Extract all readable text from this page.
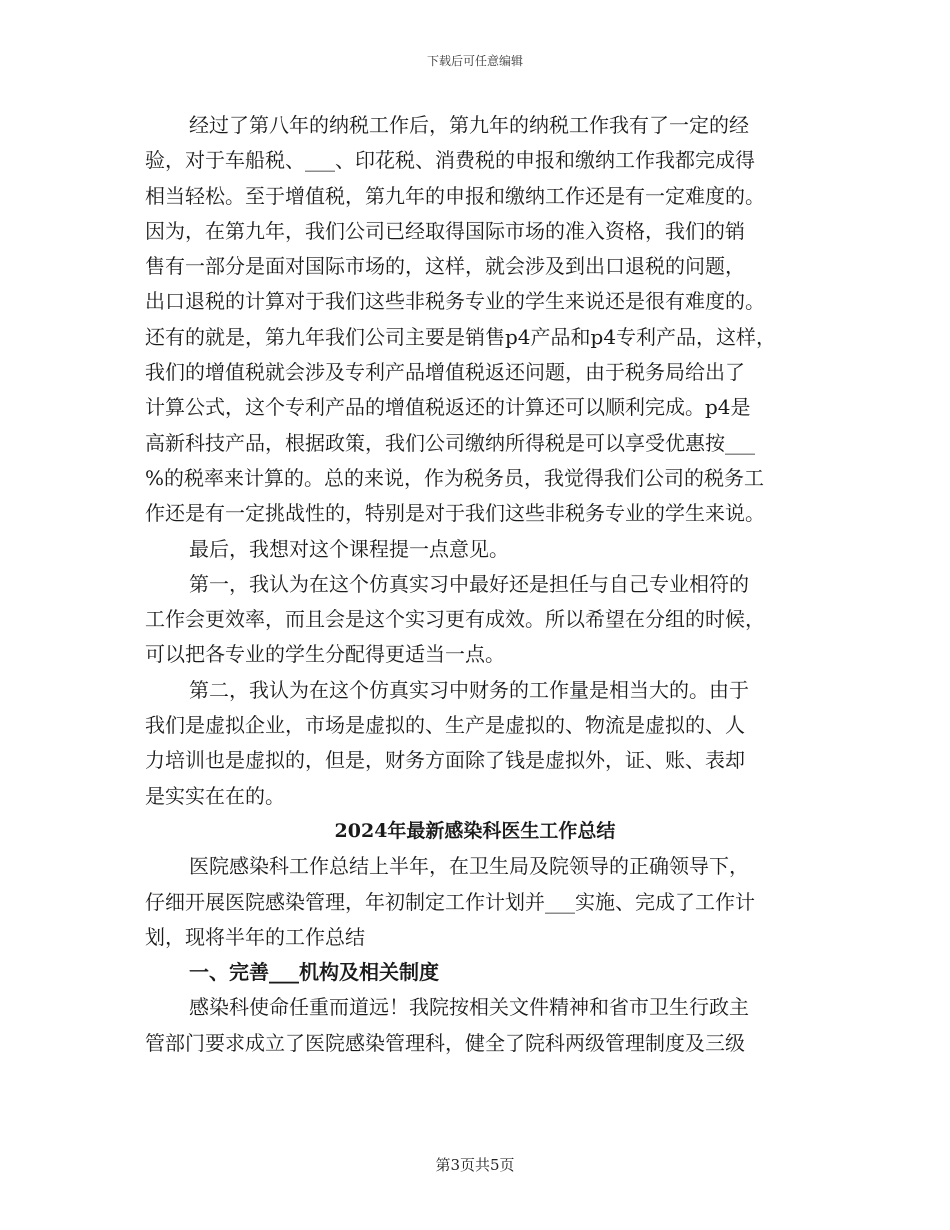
下载后可任意编辑
经过了第八年的纳税工作后，第九年的纳税工作我有了一定的经
验，对于车船税、___、印花税、消费税的申报和缴纳工作我都完成得
相当轻松。至于增值税，第九年的申报和缴纳工作还是有一定难度的。
因为，在第九年，我们公司已经取得国际市场的准入资格，我们的销
售有一部分是面对国际市场的，这样，就会涉及到出口退税的问题，
出口退税的计算对于我们这些非税务专业的学生来说还是很有难度的。
还有的就是，第九年我们公司主要是销售p4产品和p4专利产品，这样，
我们的增值税就会涉及专利产品增值税返还问题，由于税务局给出了
计算公式，这个专利产品的增值税返还的计算还可以顺利完成。p4是
高新科技产品，根据政策，我们公司缴纳所得税是可以享受优惠按___
%的税率来计算的。总的来说，作为税务员，我觉得我们公司的税务工
作还是有一定挑战性的，特别是对于我们这些非税务专业的学生来说。
最后，我想对这个课程提一点意见。
第一，我认为在这个仿真实习中最好还是担任与自己专业相符的
工作会更效率，而且会是这个实习更有成效。所以希望在分组的时候，
可以把各专业的学生分配得更适当一点。
第二，我认为在这个仿真实习中财务的工作量是相当大的。由于
我们是虚拟企业，市场是虚拟的、生产是虚拟的、物流是虚拟的、人
力培训也是虚拟的，但是，财务方面除了钱是虚拟外，证、账、表却
是实实在在的。
2024年最新感染科医生工作总结
医院感染科工作总结上半年，在卫生局及院领导的正确领导下，
仔细开展医院感染管理，年初制定工作计划并___实施、完成了工作计
划，现将半年的工作总结
一、完善___机构及相关制度
感染科使命任重而道远！我院按相关文件精神和省市卫生行政主
管部门要求成立了医院感染管理科，健全了院科两级管理制度及三级
第3页共5页
